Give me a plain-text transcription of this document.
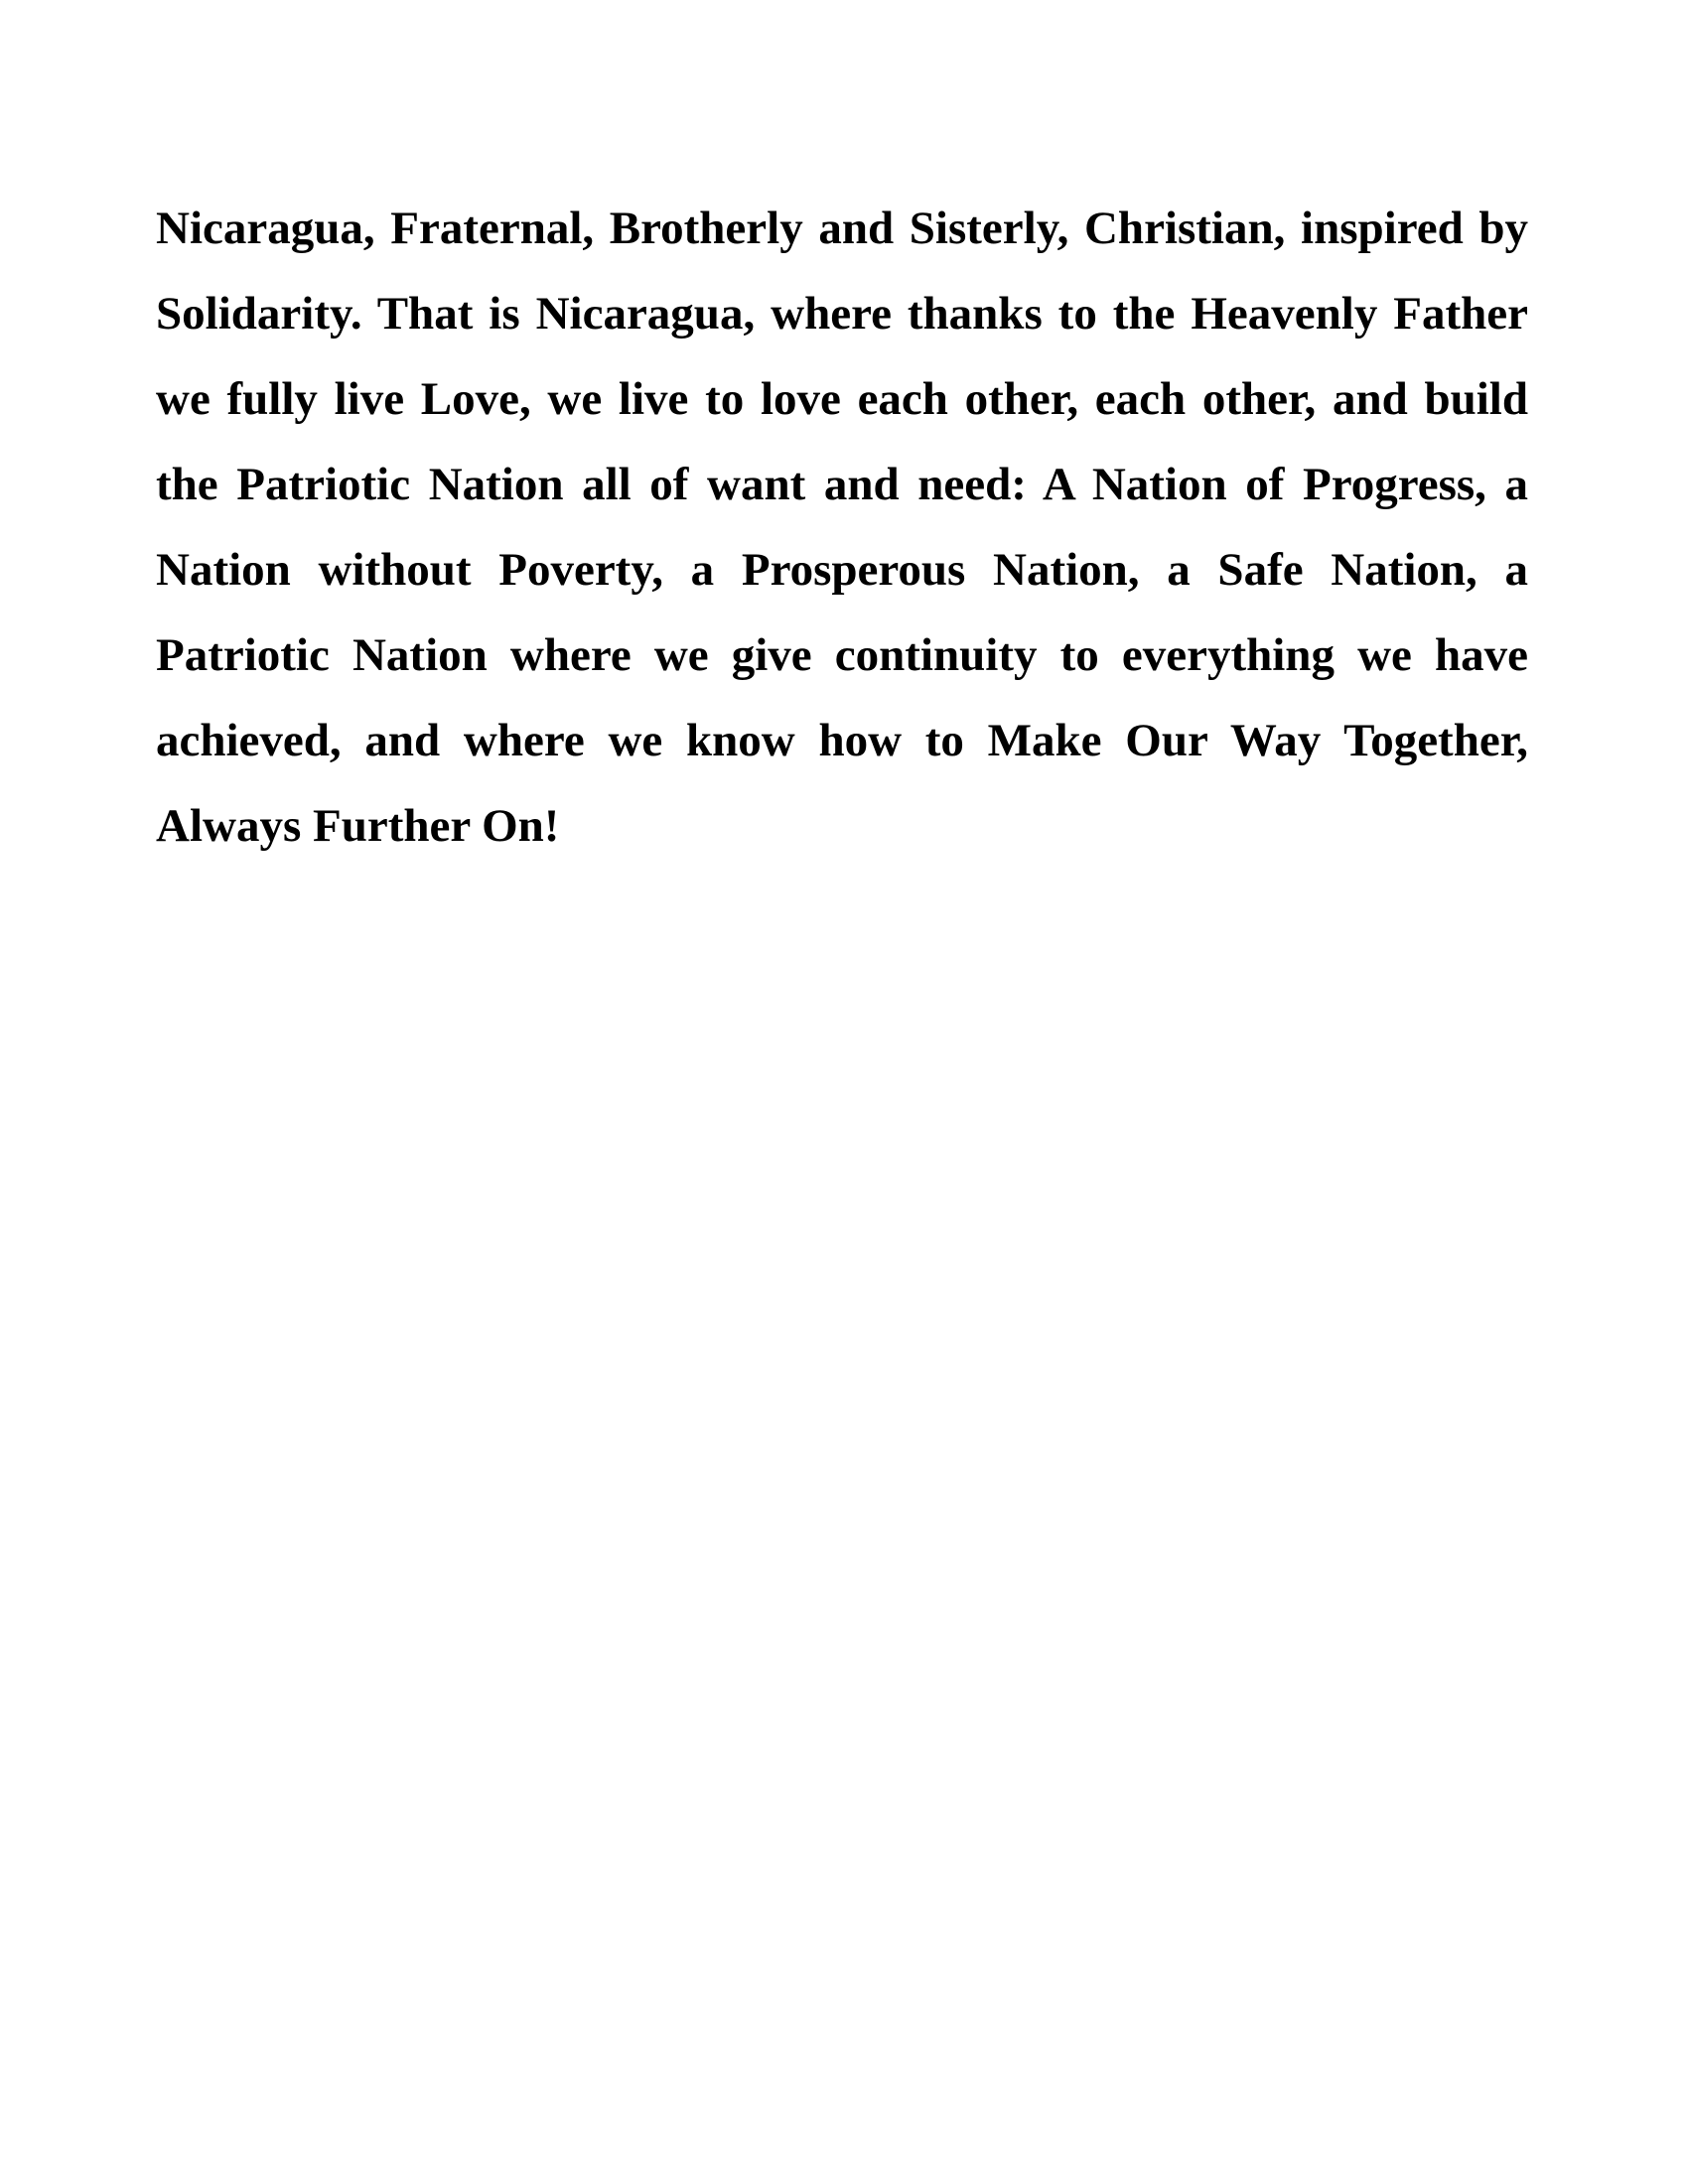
Nicaragua, Fraternal, Brotherly and Sisterly, Christian, inspired by Solidarity. That is Nicaragua, where thanks to the Heavenly Father we fully live Love, we live to love each other, each other, and build the Patriotic Nation all of want and need: A Nation of Progress, a Nation without Poverty, a Prosperous Nation, a Safe Nation, a Patriotic Nation where we give continuity to everything we have achieved, and where we know how to Make Our Way Together, Always Further On!
